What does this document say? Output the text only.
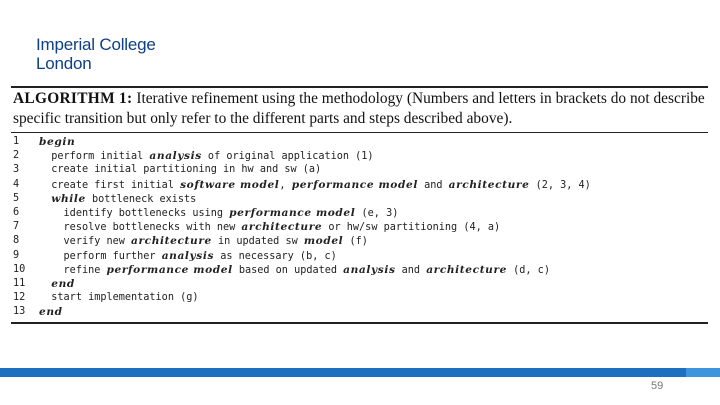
Imperial College
London
ALGORITHM 1: Iterative refinement using the methodology (Numbers and letters in brackets do not describe specific transition but only refer to the different parts and steps described above).
1	begin
2	perform initial analysis of original application (1)
3	create initial partitioning in hw and sw (a)
4	create first initial software model, performance model and architecture (2, 3, 4)
5	while bottleneck exists
6	identify bottlenecks using performance model (e, 3)
7	resolve bottlenecks with new architecture or hw/sw partitioning (4, a)
8	verify new architecture in updated sw model (f)
9	perform further analysis as necessary (b, c)
10	refine performance model based on updated analysis and architecture (d, c)
11	end
12	start implementation (g)
13	end
59
